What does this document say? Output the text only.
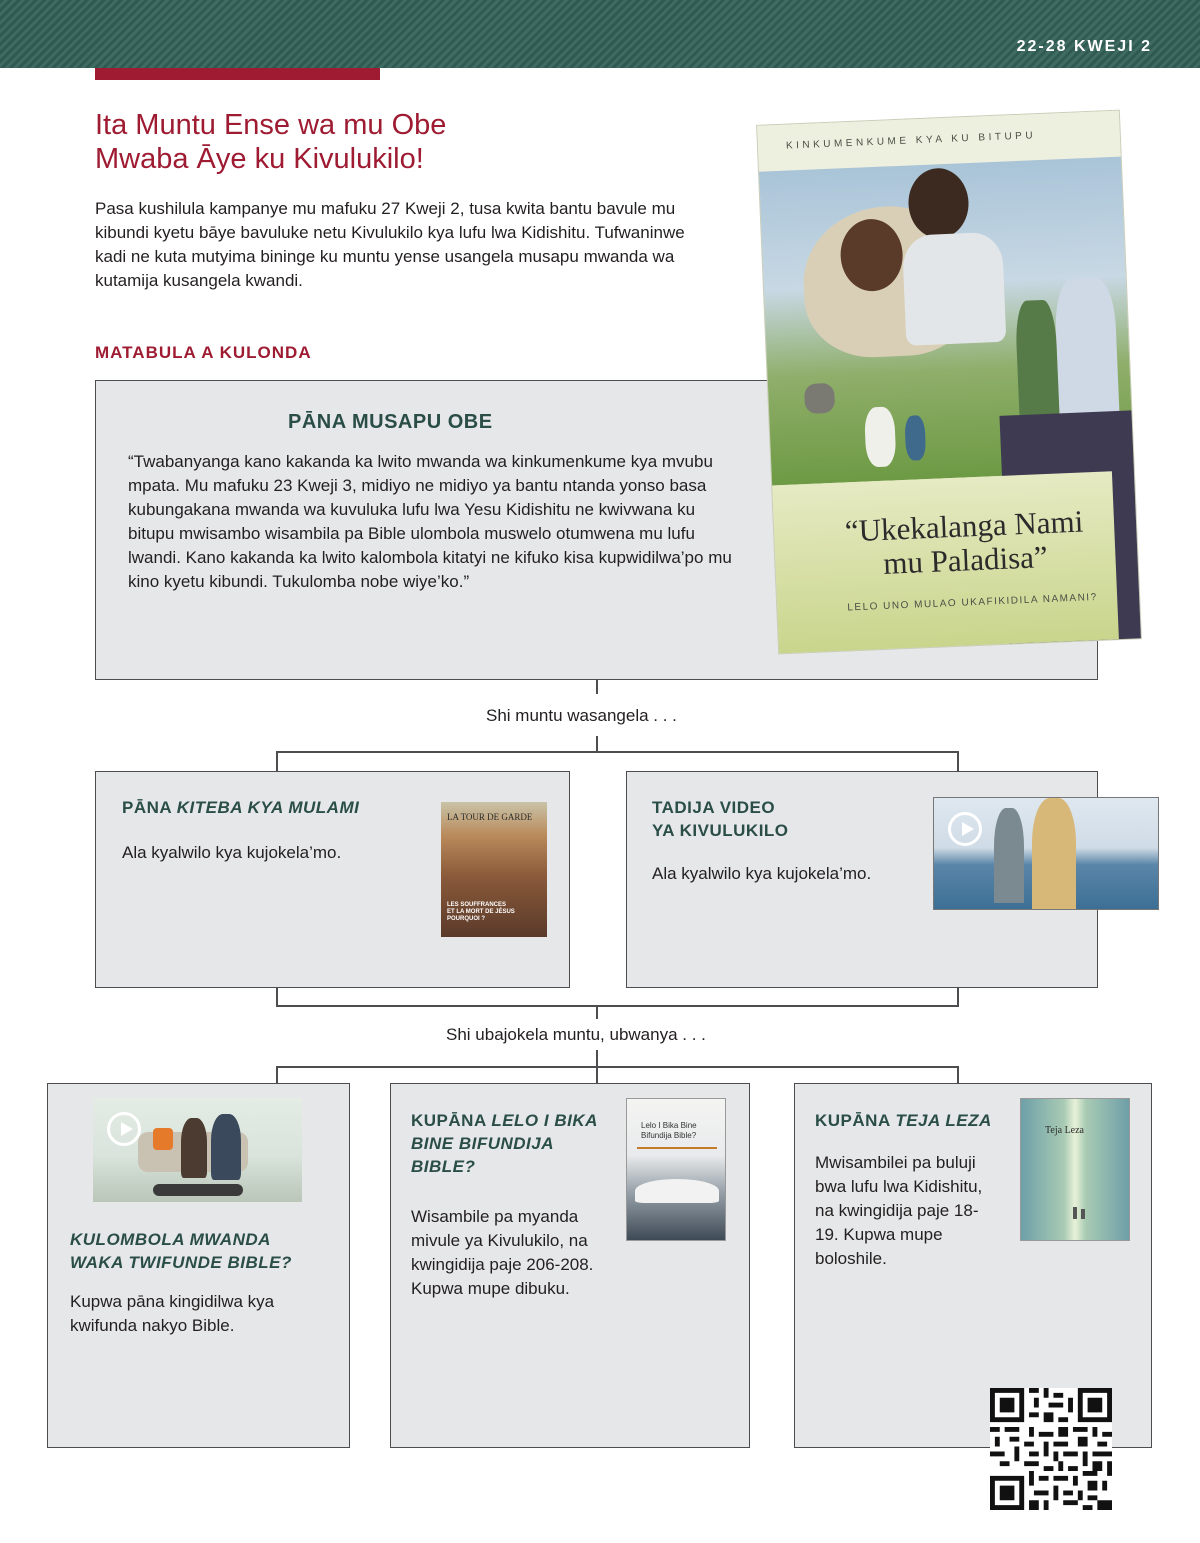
22-28 KWEJI 2
Ita Muntu Ense wa mu Obe
Mwaba Āye ku Kivulukilo!
Pasa kushilula kampanye mu mafuku 27 Kweji 2, tusa kwita bantu bavule mu kibundi kyetu bāye bavuluke netu Kivulukilo kya lufu lwa Kidishitu. Tufwaninwe kadi ne kuta mutyima bininge ku muntu yense usangela musapu mwanda wa kutamija kusangela kwandi.
MATABULA A KULONDA
PĀNA MUSAPU OBE
“Twabanyanga kano kakanda ka lwito mwanda wa kinkumenkume kya mvubu mpata. Mu mafuku 23 Kweji 3, midiyo ne midiyo ya bantu ntanda yonso basa kubungakana mwanda wa kuvuluka lufu lwa Yesu Kidishitu ne kwivwana ku bitupu mwisambo wisambila pa Bible ulombola muswelo otumwena mu lufu lwandi. Kano kakanda ka lwito kalombola kitatyi ne kifuko kisa kupwidilwa’po mu kino kyetu kibundi. Tukulomba nobe wiye’ko.”
KINKUMENKUME KYA KU BITUPU
“Ukekalanga Nami
mu Paladisa”
LELO UNO MULAO UKAFIKIDILA NAMANI?
Shi muntu wasangela . . .
PĀNA KITEBA KYA MULAMI
Ala kyalwilo kya kujokela’mo.
LA TOUR DE GARDE
LES SOUFFRANCES
ET LA MORT DE JÉSUS
POURQUOI ?
TADIJA VIDEO
YA KIVULUKILO
Ala kyalwilo kya kujokela’mo.
Shi ubajokela muntu, ubwanya . . .
KULOMBOLA MWANDA
WAKA TWIFUNDE BIBLE?
Kupwa pāna kingidilwa kya kwifunda nakyo Bible.
KUPĀNA LELO I BIKA
BINE BIFUNDIJA
BIBLE?
Wisambile pa myanda mivule ya Kivulukilo, na kwingidija paje 206-208. Kupwa mupe dibuku.
Lelo I Bika Bine Bifundija Bible?
KUPĀNA TEJA LEZA
Mwisambilei pa buluji bwa lufu lwa Kidishitu, na kwingidija paje 18-19. Kupwa mupe boloshile.
Teja Leza
